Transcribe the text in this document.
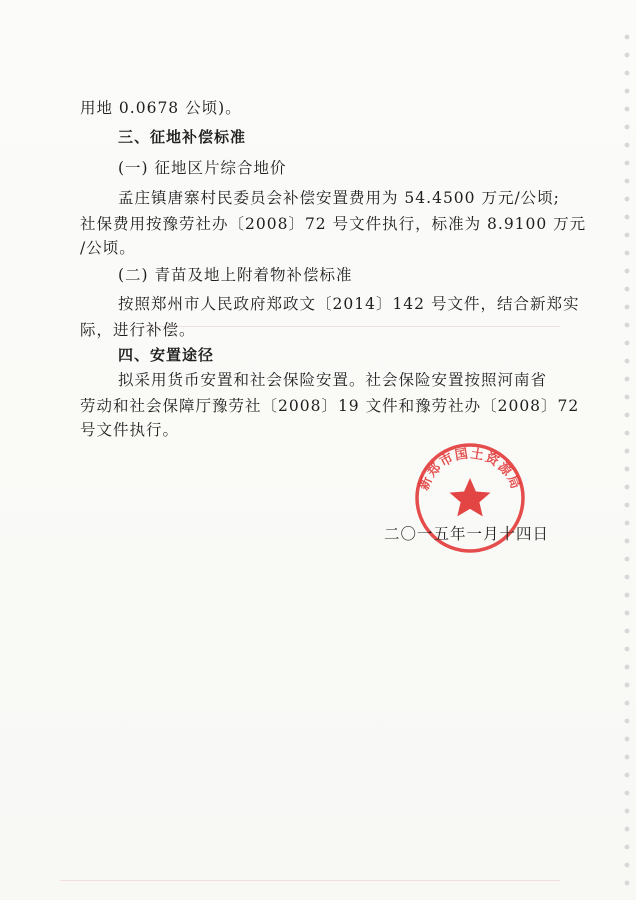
用地 0.0678 公顷)。
三、征地补偿标准
(一) 征地区片综合地价
孟庄镇唐寨村民委员会补偿安置费用为 54.4500 万元/公顷;
社保费用按豫劳社办〔2008〕72 号文件执行，标准为 8.9100 万元
/公顷。
(二) 青苗及地上附着物补偿标准
按照郑州市人民政府郑政文〔2014〕142 号文件，结合新郑实
际，进行补偿。
四、安置途径
拟采用货币安置和社会保险安置。社会保险安置按照河南省
劳动和社会保障厅豫劳社〔2008〕19 文件和豫劳社办〔2008〕72
号文件执行。
新郑市国土资源局
二〇一五年一月十四日
